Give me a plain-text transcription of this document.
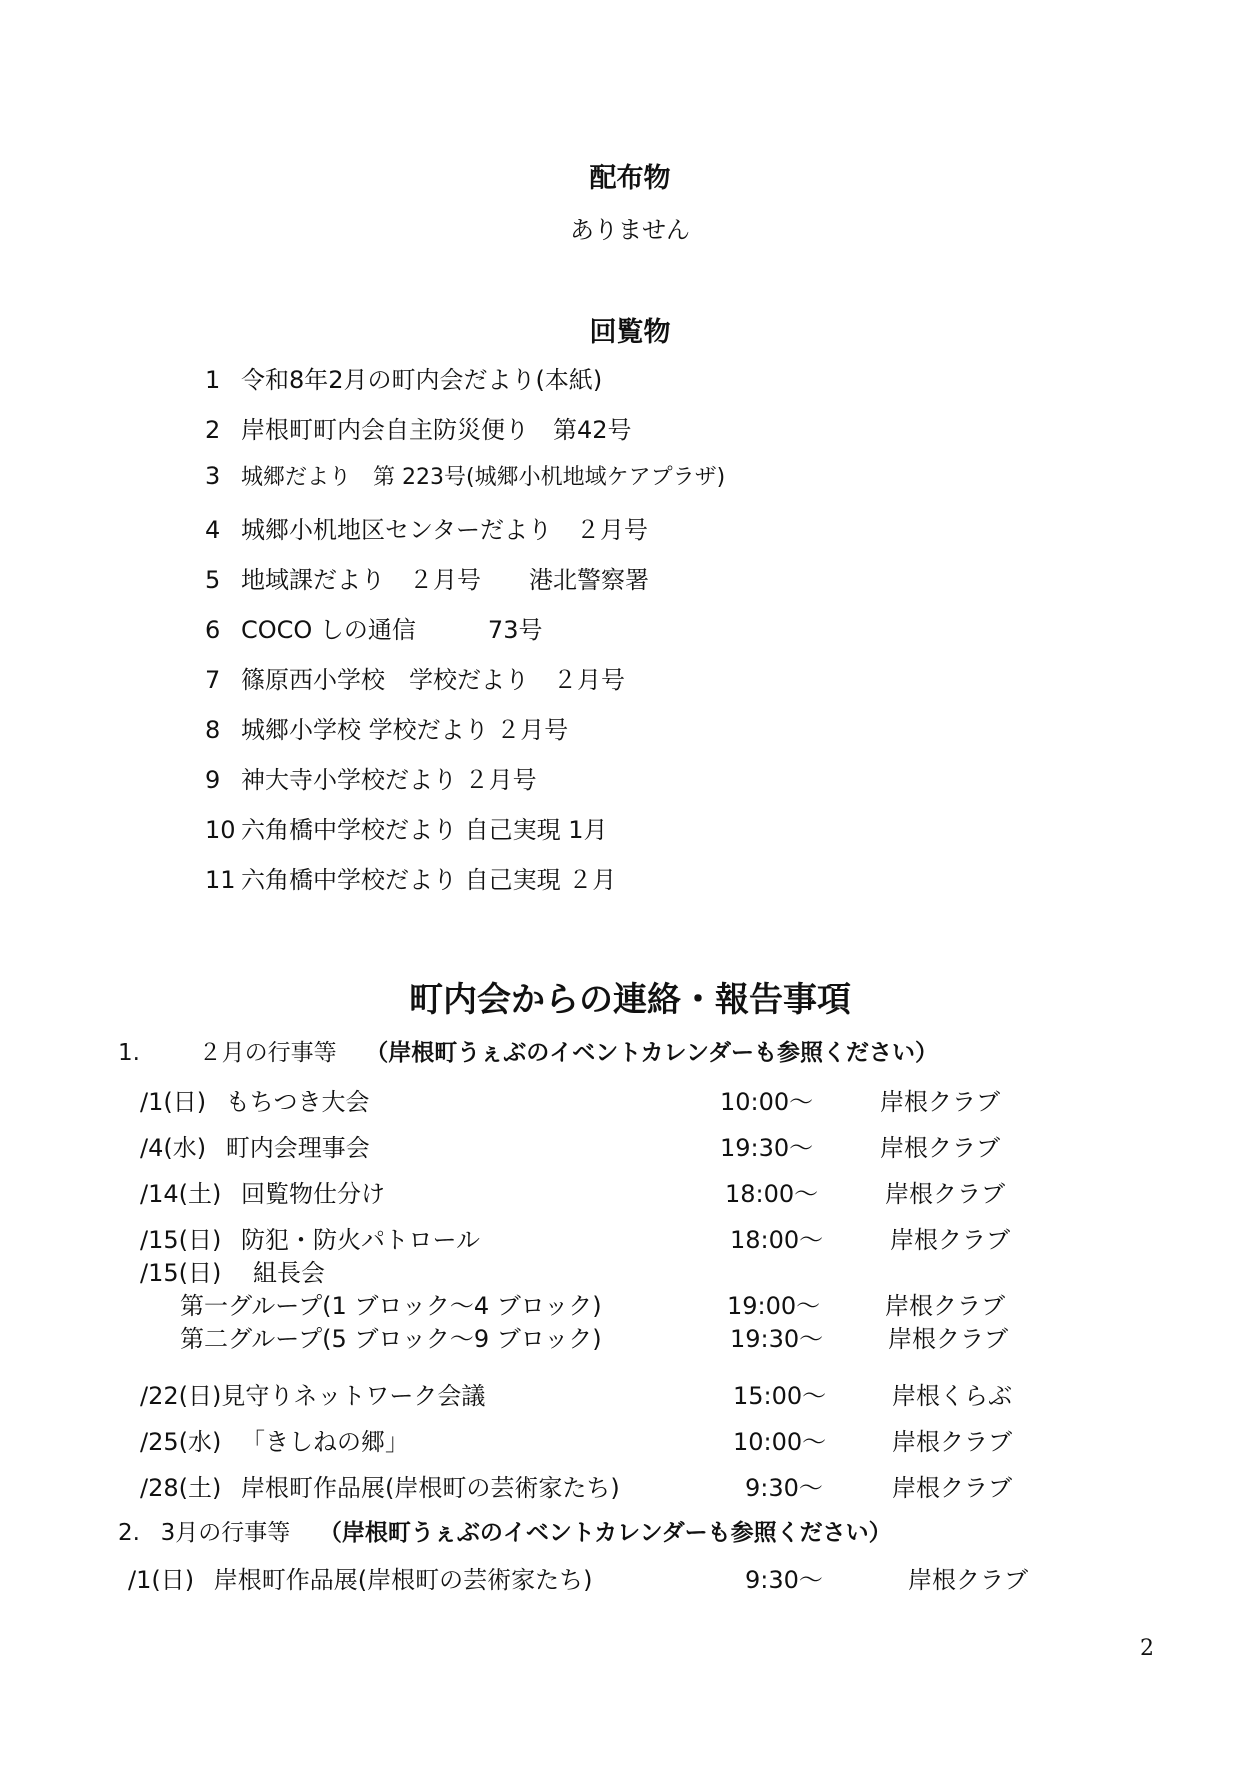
配布物
ありません
回覧物
1 令和8年2月の町内会だより(本紙)
2 岸根町町内会自主防災便り　第42号
3 城郷だより　第 223号(城郷小机地域ケアプラザ)
4 城郷小机地区センターだより　２月号
5 地域課だより　２月号　　港北警察署
6 COCO しの通信　　　73号
7 篠原西小学校　学校だより　２月号
8 城郷小学校 学校だより ２月号
9 神大寺小学校だより ２月号
10 六角橋中学校だより 自己実現 1月
11 六角橋中学校だより 自己実現 ２月
町内会からの連絡・報告事項
1.	２月の行事等 （岸根町うぇぶのイベントカレンダーも参照ください）
/1(日) もちつき大会	10:00～	岸根クラブ
/4(水) 町内会理事会	19:30～	岸根クラブ
/14(土) 回覧物仕分け	18:00～	岸根クラブ
/15(日) 防犯・防火パトロール	18:00～	岸根クラブ
/15(日) 組長会
第一グループ(1 ブロック～4 ブロック)	19:00～	岸根クラブ
第二グループ(5 ブロック～9 ブロック)	19:30～	岸根クラブ
/22(日)見守りネットワーク会議	15:00～	岸根くらぶ
/25(水) 「きしねの郷」	10:00～	岸根クラブ
/28(土) 岸根町作品展(岸根町の芸術家たち)	9:30～	岸根クラブ
2. 3月の行事等 （岸根町うぇぶのイベントカレンダーも参照ください）
/1(日) 岸根町作品展(岸根町の芸術家たち)	9:30～	岸根クラブ
2
